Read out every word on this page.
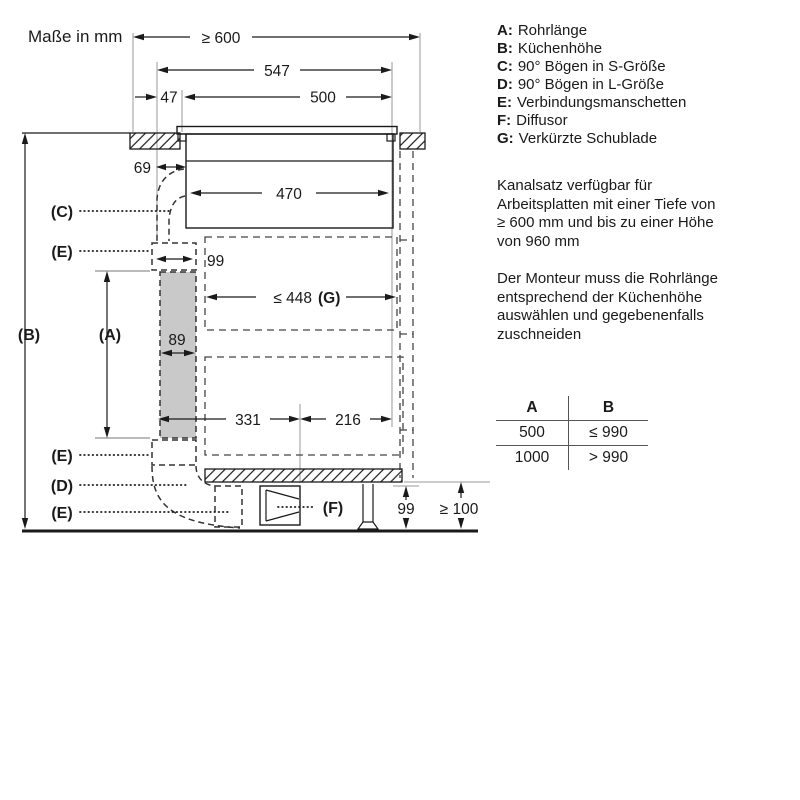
≥ 600
547
47	500
69
470
99
≤ 448 (G)
89
331	216
(B)	(A)
99 ≥ 100
(C)
(E)
(E)
(D)
(E)	(F)
Maße in mm	A: Rohrlänge
B: Küchenhöhe
C: 90° Bögen in S-Größe
D: 90° Bögen in L-Größe
E: Verbindungsmanschetten
F: Diffusor
G: Verkürzte Schublade
Kanalsatz verfügbar für
Arbeitsplatten mit einer Tiefe von
≥ 600 mm und bis zu einer Höhe
von 960 mm
Der Monteur muss die Rohrlänge
entsprechend der Küchenhöhe
auswählen und gegebenenfalls
zuschneiden
A	B
500	≤ 990
1000	> 990
